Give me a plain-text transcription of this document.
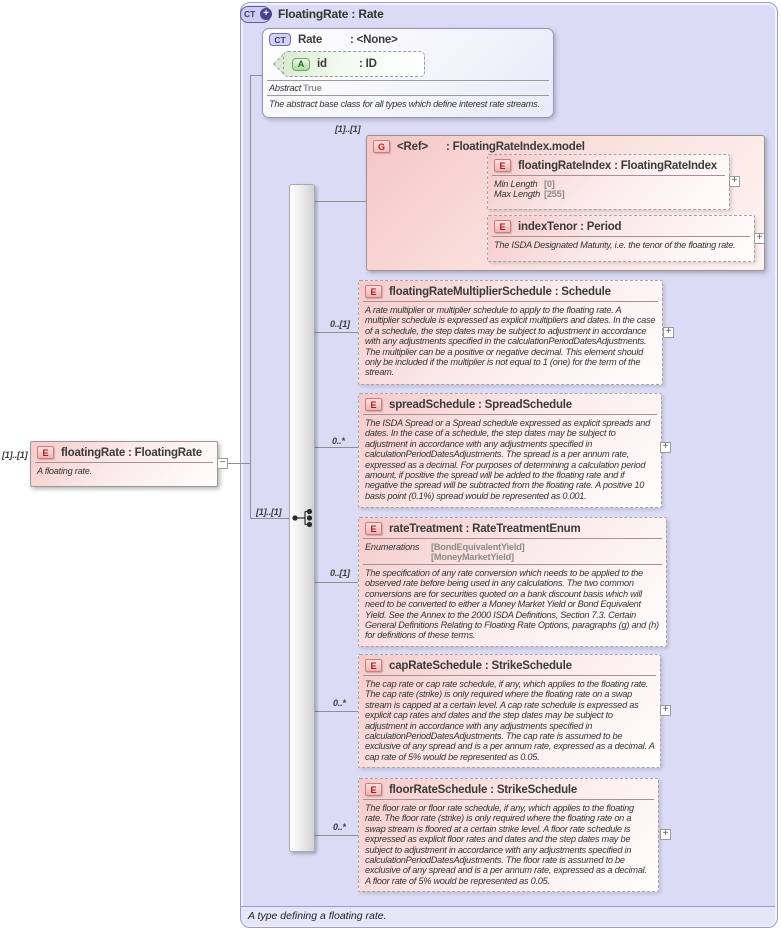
CT + FloatingRate : Rate
A type defining a floating rate.
[1]..[1]
[1]..[1]
[1]..[1]
0..[1]
0..*
0..[1]
0..*
0..*
CT	Rate : <None>
Abstract True
The abstract base class for all types which define interest rate streams.
A	id	: ID
E	floatingRate : FloatingRate
A floating rate.
−
G	<Ref> : FloatingRateIndex.model
E	floatingRateIndex : FloatingRateIndex
Min Length [0]
Max Length [255]
+
E	indexTenor : Period
The ISDA Designated Maturity, i.e. the tenor of the floating rate.
+
E	floatingRateMultiplierSchedule : Schedule
A rate multiplier or multiplier schedule to apply to the floating rate. A multiplier schedule is expressed as explicit multipliers and dates. In the case of a schedule, the step dates may be subject to adjustment in accordance with any adjustments specified in the calculationPeriodDatesAdjustments. The multiplier can be a positive or negative decimal. This element should only be included if the multiplier is not equal to 1 (one) for the term of the stream.
+
E	spreadSchedule : SpreadSchedule
The ISDA Spread or a Spread schedule expressed as explicit spreads and dates. In the case of a schedule, the step dates may be subject to adjustment in accordance with any adjustments specified in calculationPeriodDatesAdjustments. The spread is a per annum rate, expressed as a decimal. For purposes of determining a calculation period amount, if positive the spread will be added to the floating rate and if negative the spread will be subtracted from the floating rate. A positive 10 basis point (0.1%) spread would be represented as 0.001.
+
E	rateTreatment : RateTreatmentEnum
Enumerations	[BondEquivalentYield]
[MoneyMarketYield]
The specification of any rate conversion which needs to be applied to the observed rate before being used in any calculations. The two common conversions are for securities quoted on a bank discount basis which will need to be converted to either a Money Market Yield or Bond Equivalent Yield. See the Annex to the 2000 ISDA Definitions, Section 7.3. Certain General Definitions Relating to Floating Rate Options, paragraphs (g) and (h) for definitions of these terms.
E	capRateSchedule : StrikeSchedule
The cap rate or cap rate schedule, if any, which applies to the floating rate. The cap rate (strike) is only required where the floating rate on a swap stream is capped at a certain level. A cap rate schedule is expressed as explicit cap rates and dates and the step dates may be subject to adjustment in accordance with any adjustments specified in calculationPeriodDatesAdjustments. The cap rate is assumed to be exclusive of any spread and is a per annum rate, expressed as a decimal. A cap rate of 5% would be represented as 0.05.
+
E	floorRateSchedule : StrikeSchedule
The floor rate or floor rate schedule, if any, which applies to the floating rate. The floor rate (strike) is only required where the floating rate on a swap stream is floored at a certain strike level. A floor rate schedule is expressed as explicit floor rates and dates and the step dates may be subject to adjustment in accordance with any adjustments specified in calculationPeriodDatesAdjustments. The floor rate is assumed to be exclusive of any spread and is a per annum rate, expressed as a decimal. A floor rate of 5% would be represented as 0.05.
+
